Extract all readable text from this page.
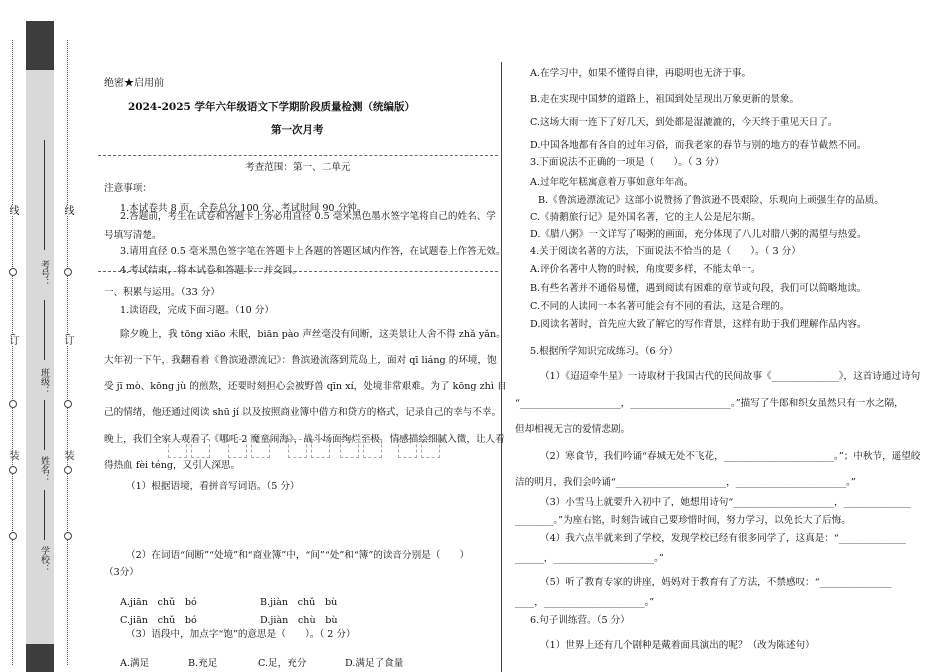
线
订
装
线
订
装
考号：
班级：
姓名：
学校：
绝密★启用前
2024-2025 学年六年级语文下学期阶段质量检测（统编版）
第一次月考
考查范围：第一、二单元
注意事项：
1.本试卷共 8 页，全卷总分 100 分，考试时间 90 分钟。
2.答题前，考生在试卷和答题卡上务必用直径 0.5 毫米黑色墨水签字笔将自己的姓名、学
号填写清楚。
3.请用直径 0.5 毫米黑色签字笔在答题卡上各题的答题区域内作答，在试题卷上作答无效。
4.考试结束，将本试卷和答题卡一并交回。
一、积累与运用。（33 分）
1.读语段，完成下面习题。（10 分）
除夕晚上，我 tōng xiāo 未眠，biān pào 声丝毫没有间断，这美景让人舍不得 zhǎ yǎn。
大年初一下午，我翻看着《鲁滨逊漂流记》：鲁滨逊流落到荒岛上，面对 qī liáng 的环境，饱
受 jī mò、kōng jù 的煎熬，还要时刻担心会被野兽 qīn xí，处境非常艰难。为了 kōng zhì 自
己的情绪，他还通过阅读 shū jí 以及按照商业簿中借方和贷方的格式，记录自己的幸与不幸。
晚上，我们全家人观看了《哪吒 2 魔童闹海》，战斗场面绚烂至极，情感描绘细腻入微，让人看
得热血 fèi téng，又引人深思。
（1）根据语境，看拼音写词语。（5 分）
（2）在词语“间断”“处境”和“商业簿”中，“间”“处”和“簿”的读音分别是（　　）
（3分）
A.jiān　chǔ　bó	B.jiàn　chǔ　bù
C.jiān　chǔ　bó	D.jiàn　chù　bù
（3）语段中，加点字“饱”的意思是（　　）。（ 2 分）
A.满足	B.充足	C.足，充分	D.满足了食量
A.在学习中，如果不懂得自律，再聪明也无济于事。
B.走在实现中国梦的道路上，祖国到处呈现出万象更新的景象。
C.这场大雨一连下了好几天，到处都是湿漉漉的，今天终于重见天日了。
D.中国各地都有各自的过年习俗，而我老家的春节与别的地方的春节截然不同。
3.下面说法不正确的一项是（　　）。（ 3 分）
A.过年吃年糕寓意着万事如意年年高。
B.《鲁滨逊漂流记》这部小说赞扬了鲁滨逊不畏艰险、乐观向上顽强生存的品质。
C.《骑鹅旅行记》是外国名著，它的主人公是尼尔斯。
D.《腊八粥》一文详写了喝粥的画面，充分体现了八儿对腊八粥的渴望与热爱。
4.关于阅读名著的方法，下面说法不恰当的是（　　）。（ 3 分）
A.评价名著中人物的时候，角度要多样，不能太单一。
B.有些名著并不通俗易懂，遇到阅读有困难的章节或句段，我们可以简略地读。
C.不同的人读同一本名著可能会有不同的看法，这是合理的。
D.阅读名著时，首先应大致了解它的写作背景，这样有助于我们理解作品内容。
5.根据所学知识完成练习。（6 分）
（1）《迢迢牵牛星》一诗取材于我国古代的民间故事《______________》，这首诗通过诗句
“_____________________，_____________________。”描写了牛郎和织女虽然只有一水之隔，
但却相视无言的爱情悲剧。
（2）寒食节，我们吟诵“春城无处不飞花，_______________________。”；中秋节，遥望皎
洁的明月，我们会吟诵“_______________________，_______________________。”
（3）小雪马上就要升入初中了，她想用诗句“_____________________，______________
________。”为座右铭，时刻告诫自己要珍惜时间，努力学习，以免长大了后悔。
（4）我六点半就来到了学校，发现学校已经有很多同学了，这真是：“______________
______，_____________________。”
（5）听了教育专家的讲座，妈妈对于教育有了方法，不禁感叹：“_______________
____，_____________________。”
6.句子训练营。（5 分）
（1）世界上还有几个剧种是戴着面具演出的呢？（改为陈述句）
